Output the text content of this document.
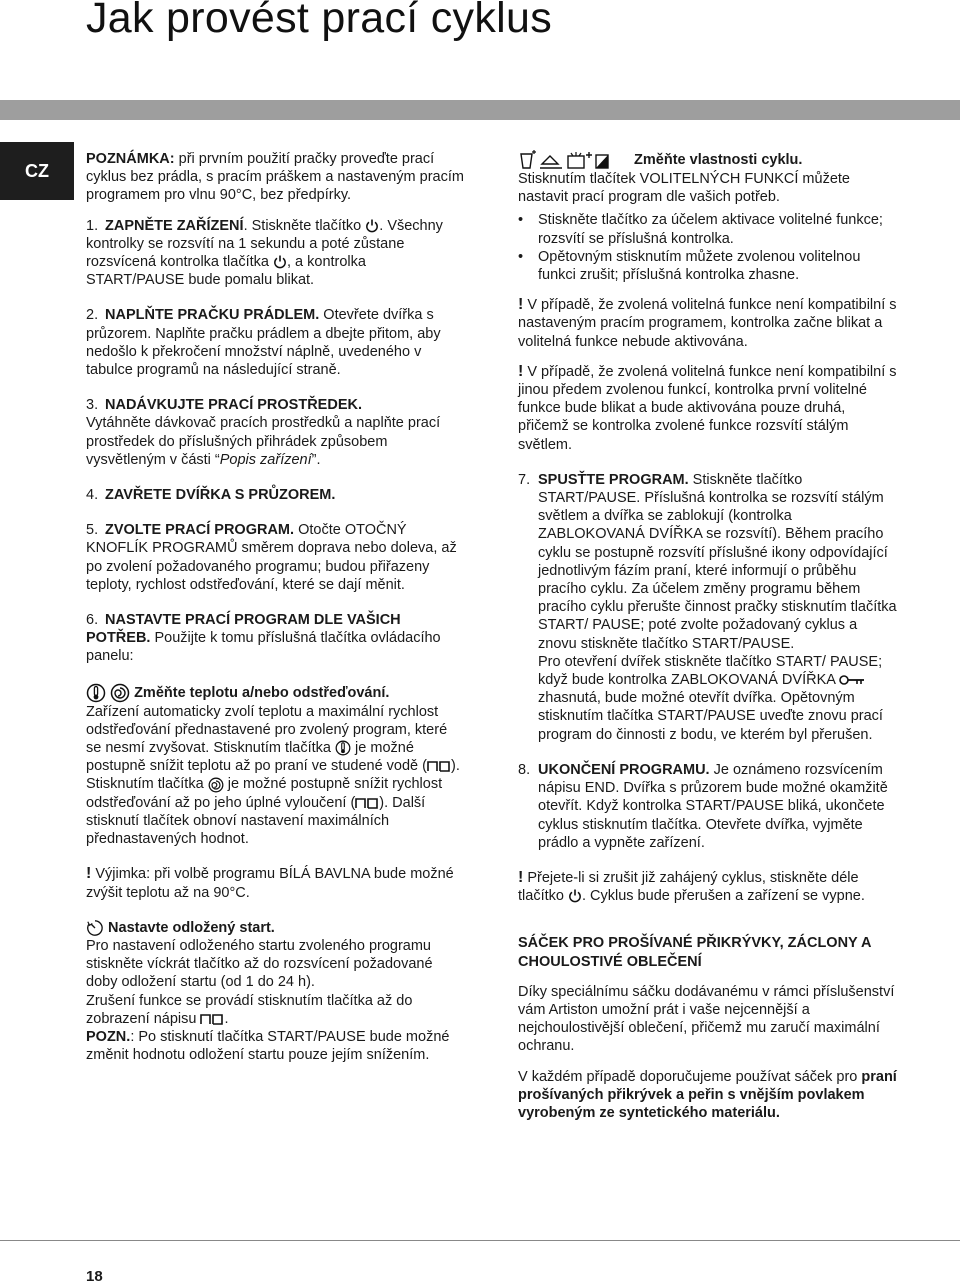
Jak provést prací cyklus
CZ

POZNÁMKA: při prvním použití pračky proveďte prací cyklus bez prádla, s pracím práškem a nastaveným pracím programem pro vlnu 90°C, bez předpírky.

1. ZAPNĚTE ZAŘÍZENÍ. Stiskněte tlačítko . Všechny kontrolky se rozsvítí na 1 sekundu a poté zůstane rozsvícená kontrolka tlačítka , a kontrolka START/PAUSE bude pomalu blikat.

2. NAPLŇTE PRAČKU PRÁDLEM. Otevřete dvířka s průzorem. Naplňte pračku prádlem a dbejte přitom, aby nedošlo k překročení množství náplně, uvedeného v tabulce programů na následující straně.

3. NADÁVKUJTE PRACÍ PROSTŘEDEK.
Vytáhněte dávkovač pracích prostředků a naplňte prací prostředek do příslušných přihrádek způsobem vysvětleným v části “Popis zařízení”.

4. ZAVŘETE DVÍŘKA S PRŮZOREM.

5. ZVOLTE PRACÍ PROGRAM. Otočte OTOČNÝ KNOFLÍK PROGRAMŮ směrem doprava nebo doleva, až po zvolení požadovaného programu; budou přiřazeny teploty, rychlost odstřeďování, které se dají měnit.

6. NASTAVTE PRACÍ PROGRAM DLE VAŠICH POTŘEB. Použijte k tomu příslušná tlačítka ovládacího panelu:

Změňte teplotu a/nebo odstřeďování.

Zařízení automaticky zvolí teplotu a maximální rychlost odstřeďování přednastavené pro zvolený program, které se nesmí zvyšovat. Stisknutím tlačítka je možné postupně snížit teplotu až po praní ve studené vodě ( ). Stisknutím tlačítka je možné postupně snížit rychlost odstřeďování až po jeho úplné vyloučení ( ). Další stisknutí tlačítek obnoví nastavení maximálních přednastavených hodnot.

! Výjimka: při volbě programu BÍLÁ BAVLNA bude možné zvýšit teplotu až na 90°C.

Nastavte odložený start.

Pro nastavení odloženého startu zvoleného programu stiskněte víckrát tlačítko až do rozsvícení požadované doby odložení startu (od 1 do 24 h).

Zrušení funkce se provádí stisknutím tlačítka až do zobrazení nápisu .

POZN.: Po stisknutí tlačítka START/PAUSE bude možné změnit hodnotu odložení startu pouze jejím snížením.

Změňte vlastnosti cyklu.

Stisknutím tlačítek VOLITELNÝCH FUNKCÍ můžete nastavit prací program dle vašich potřeb.

• Stiskněte tlačítko za účelem aktivace volitelné funkce; rozsvítí se příslušná kontrolka.

• Opětovným stisknutím můžete zvolenou volitelnou funkci zrušit; příslušná kontrolka zhasne.

! V případě, že zvolená volitelná funkce není kompatibilní s nastaveným pracím programem, kontrolka začne blikat a volitelná funkce nebude aktivována.

! V případě, že zvolená volitelná funkce není kompatibilní s jinou předem zvolenou funkcí, kontrolka první volitelné funkce bude blikat a bude aktivována pouze druhá, přičemž se kontrolka zvolené funkce rozsvítí stálým světlem.

7. SPUSŤTE PROGRAM. Stiskněte tlačítko START/PAUSE. Příslušná kontrolka se rozsvítí stálým světlem a dvířka se zablokují (kontrolka ZABLOKOVANÁ DVÍŘKA se rozsvítí). Během pracího cyklu se postupně rozsvítí příslušné ikony odpovídající jednotlivým fázím praní, které informují o průběhu pracího cyklu. Za účelem změny programu během pracího cyklu přerušte činnost pračky stisknutím tlačítka START/ PAUSE; poté zvolte požadovaný cyklus a znovu stiskněte tlačítko START/PAUSE.

Pro otevření dvířek stiskněte tlačítko START/ PAUSE; když bude kontrolka ZABLOKOVANÁ DVÍŘKA  zhasnutá, bude možné otevřít dvířka. Opětovným stisknutím tlačítka START/PAUSE uveďte znovu prací program do činnosti z bodu, ve kterém byl přerušen.

8. UKONČENÍ PROGRAMU. Je oznámeno rozsvícením nápisu END. Dvířka s průzorem bude možné okamžitě otevřít. Když kontrolka START/PAUSE bliká, ukončete cyklus stisknutím tlačítka. Otevřete dvířka, vyjměte prádlo a vypněte zařízení.

! Přejete-li si zrušit již zahájený cyklus, stiskněte déle tlačítko . Cyklus bude přerušen a zařízení se vypne.

SÁČEK PRO PROŠÍVANÉ PŘIKRÝVKY, ZÁCLONY A CHOULOSTIVÉ OBLEČENÍ

Díky speciálnímu sáčku dodávanému v rámci příslušenství vám Artiston umožní prát i vaše nejcennější a nejchoulostivější oblečení, přičemž mu zaručí maximální ochranu.

V každém případě doporučujeme používat sáček pro praní prošívaných přikrývek a peřin s vnějším povlakem vyrobeným ze syntetického materiálu.

18
